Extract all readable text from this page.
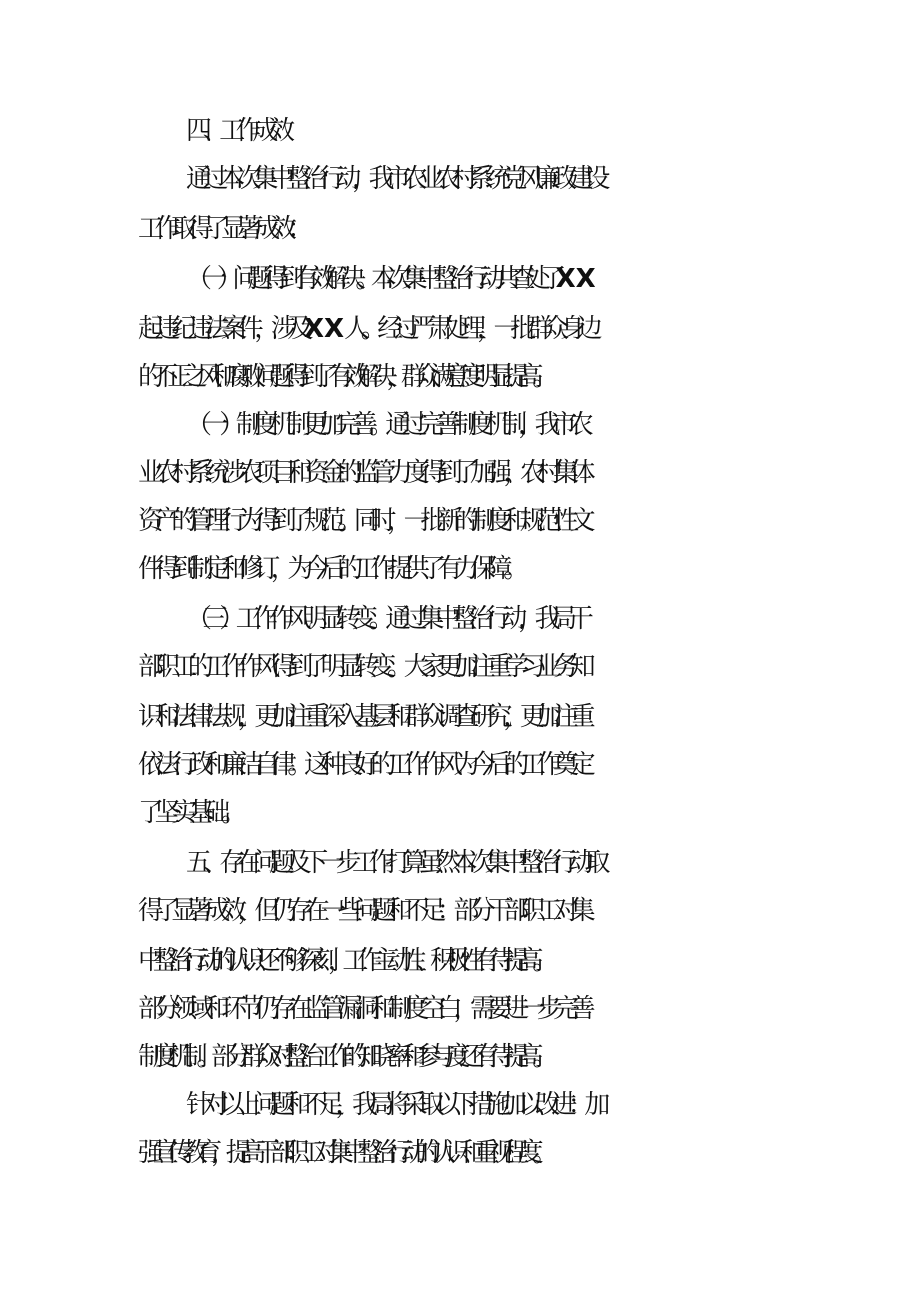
四、工作成效
通过本次集中整治行动，我市农业农村系统党风廉政建设
工作取得了显著成效：
（一）问题得到有效解决。本次集中整治行动共查处了XX
起违纪违法案件，涉及XX人。经过严肃处理，一批群众身边
的不正之风和腐败问题得到了有效解决，群众满意度明显提高。
（一）制度机制更加完善。通过完善制度机制，我市农
业农村系统涉农项目和资金的监管力度得到了加强，农村集体
资产的管理行为得到了规范。同时，一批新的制度和规范性文
件得到制定和修订，为今后的工作提供了有力保障。
（三）工作作风明显转变。通过集中整治行动，我局干
部职工的工作作风得到了明显转变。大家更加注重学习业务知
识和法律法规，更加注重深入基层和群众调查研究，更加注重
依法行政和廉洁自律。这种良好的工作作风为今后的工作奠定
了坚实基础。
五、存在问题及下一步工作打算虽然本次集中整治行动取
得了显著成效，但仍存在一些问题和不足：部分干部职工对集
中整治行动的认识还不够深刻，工作主动性、积极性有待提高。
部分领域和环节仍存在监管漏洞和制度空白，需要进一步完善
制度机制。部分群众对整治工作的知晓率和参与度还有待提高。
针对以上问题和不足，我局将采取以下措施加以改进：加
强宣传教育，提高干部职工对集中整治行动的认识和重视程度。
